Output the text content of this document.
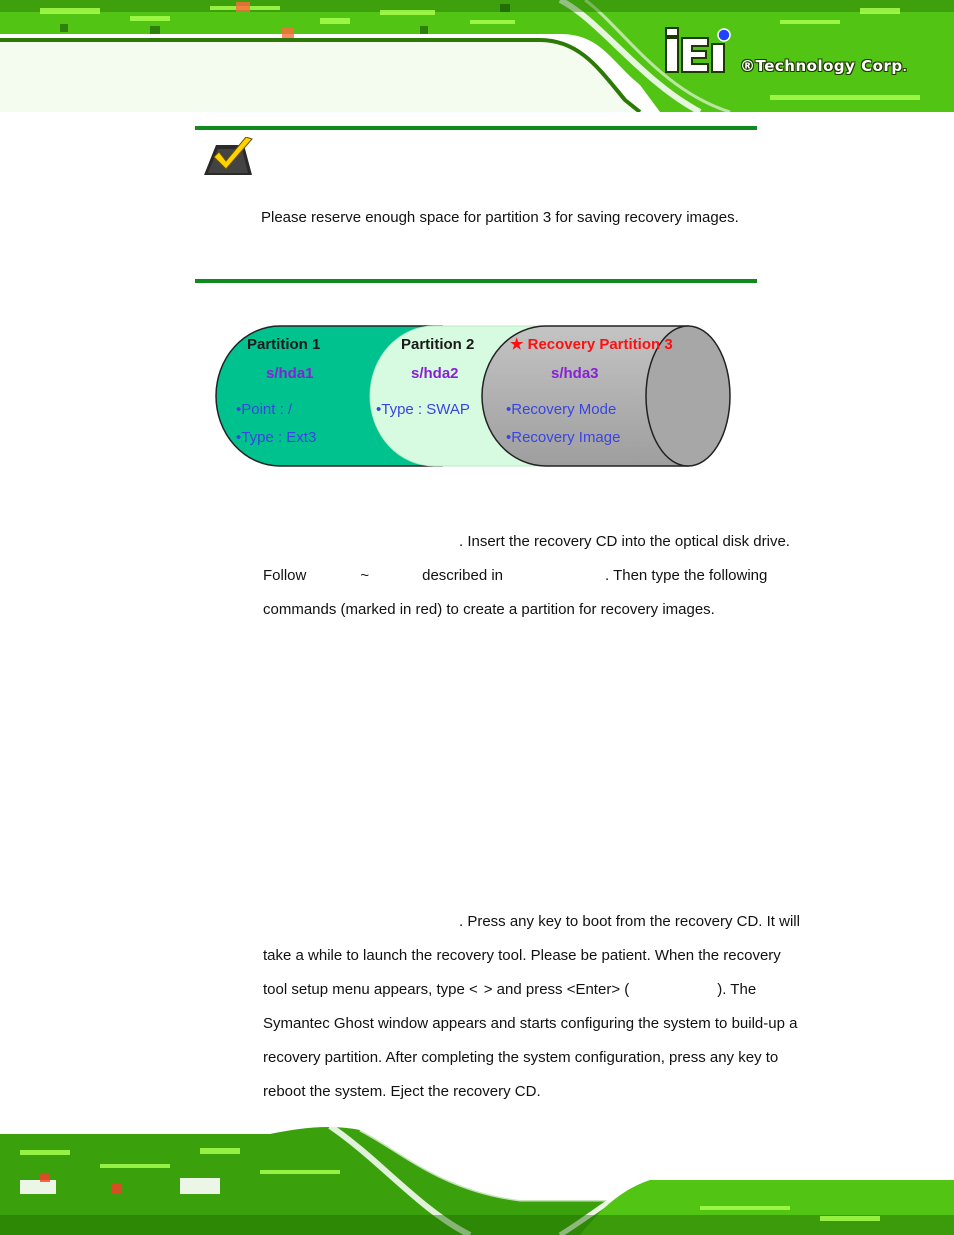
®Technology Corp.
Please reserve enough space for partition 3 for saving recovery images.
Partition 1
s/hda1
•Point : /
•Type : Ext3
Partition 2
s/hda2
•Type : SWAP
★ Recovery Partition 3
s/hda3
•Recovery Mode
•Recovery Image
. Insert the recovery CD into the optical disk drive.
Follow	~	described in	. Then type the following
commands (marked in red) to create a partition for recovery images.
. Press any key to boot from the recovery CD. It will
take a while to launch the recovery tool. Please be patient. When the recovery
tool setup menu appears, type < > and press <Enter> (	). The
Symantec Ghost window appears and starts configuring the system to build-up a
recovery partition. After completing the system configuration, press any key to
reboot the system. Eject the recovery CD.
